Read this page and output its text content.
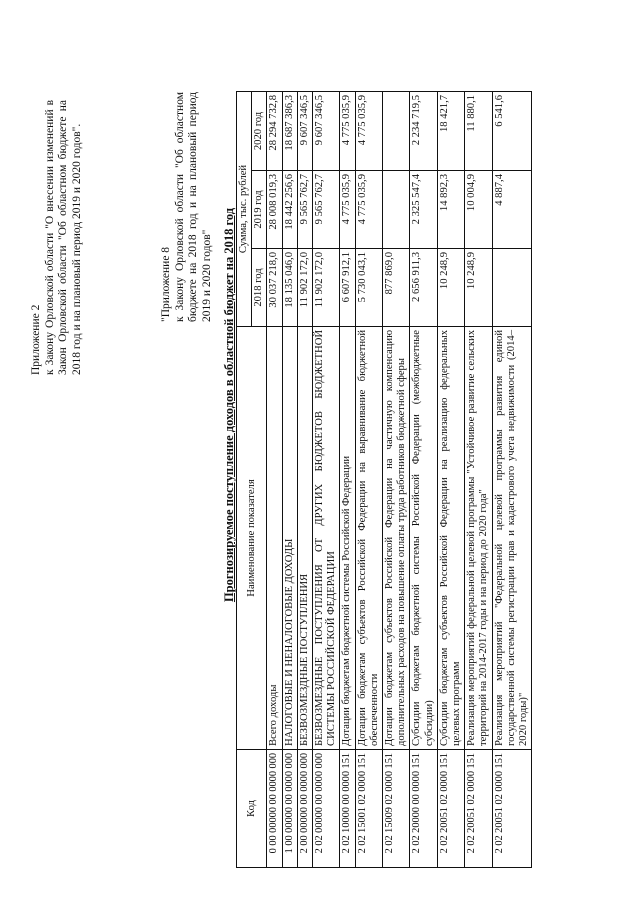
Приложение 2 к Закону Орловской области "О внесении изменений в Закон Орловской области "Об областном бюджете на 2018 год и на плановый период 2019 и 2020 годов".	"Приложение 8 к Закону Орловской области "Об областном бюджете на 2018 год и на плановый период 2019 и 2020 годов" Прогнозируемое поступление доходов в областной бюджет на 2018 год
Код	Наименование показателя	Сумма, тыс. рублей		
		2018 год	2019 год	2020 год
0 00 00000 00 0000 000	Всего доходы	30 037 218,0	28 008 019,3	28 294 732,8
1 00 00000 00 0000 000	НАЛОГОВЫЕ И НЕНАЛОГОВЫЕ ДОХОДЫ	18 135 046,0	18 442 256,6	18 687 386,3
2 00 00000 00 0000 000	БЕЗВОЗМЕЗДНЫЕ ПОСТУПЛЕНИЯ	11 902 172,0	9 565 762,7	9 607 346,5
2 02 00000 00 0000 000	БЕЗВОЗМЕЗДНЫЕ ПОСТУПЛЕНИЯ ОТ ДРУГИХ БЮДЖЕТОВ БЮДЖЕТНОЙ СИСТЕМЫ РОССИЙСКОЙ ФЕДЕРАЦИИ	11 902 172,0	9 565 762,7	9 607 346,5
2 02 10000 00 0000 151	Дотации бюджетам бюджетной системы Российской Федерации	6 607 912,1	4 775 035,9	4 775 035,9
2 02 15001 02 0000 151	Дотации бюджетам субъектов Российской Федерации на выравнивание бюджетной обеспеченности	5 730 043,1	4 775 035,9	4 775 035,9
2 02 15009 02 0000 151	Дотации бюджетам субъектов Российской Федерации на частичную компенсацию дополнительных расходов на повышение оплаты труда работников бюджетной сферы	877 869,0		
2 02 20000 00 0000 151	Субсидии бюджетам бюджетной системы Российской Федерации (межбюджетные субсидии)	2 656 911,3	2 325 547,4	2 234 719,5
2 02 20051 02 0000 151	Субсидии бюджетам субъектов Российской Федерации на реализацию федеральных целевых программ	10 248,9	14 892,3	18 421,7
2 02 20051 02 0000 151	Реализация мероприятий федеральной целевой программы "Устойчивое развитие сельских территорий на 2014-2017 годы и на период до 2020 года"	10 248,9	10 004,9	11 880,1
2 02 20051 02 0000 151	Реализация мероприятий "Федеральной целевой программы развития единой государственной системы регистрации прав и кадастрового учета недвижимости (2014–2020 годы)"		4 887,4	6 541,6
